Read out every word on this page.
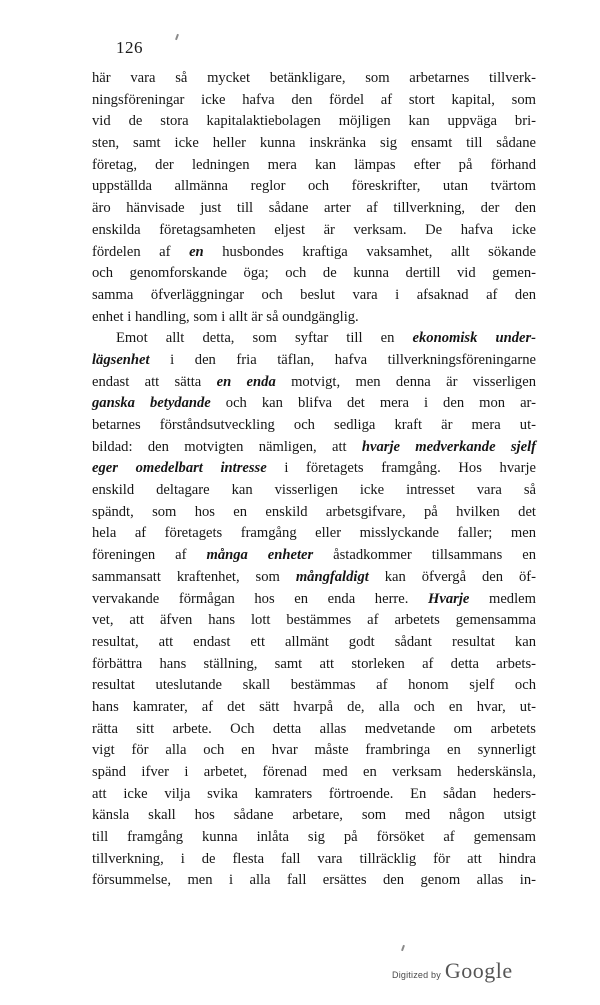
126
här vara så mycket betänkligare, som arbetarnes tillverk-
ningsföreningar icke hafva den fördel af stort kapital, som
vid de stora kapitalaktiebolagen möjligen kan uppväga bri-
sten, samt icke heller kunna inskränka sig ensamt till sådane
företag, der ledningen mera kan lämpas efter på förhand
uppställda allmänna reglor och föreskrifter, utan tvärtom
äro hänvisade just till sådane arter af tillverkning, der den
enskilda företagsamheten eljest är verksam. De hafva icke
fördelen af en husbondes kraftiga vaksamhet, allt sökande
och genomforskande öga; och de kunna dertill vid gemen-
samma öfverläggningar och beslut vara i afsaknad af den
enhet i handling, som i allt är så oundgänglig.
Emot allt detta, som syftar till en ekonomisk under-
lägsenhet i den fria täflan, hafva tillverkningsföreningarne
endast att sätta en enda motvigt, men denna är visserligen
ganska betydande och kan blifva det mera i den mon ar-
betarnes förståndsutveckling och sedliga kraft är mera ut-
bildad: den motvigten nämligen, att hvarje medverkande sjelf
eger omedelbart intresse i företagets framgång. Hos hvarje
enskild deltagare kan visserligen icke intresset vara så
spändt, som hos en enskild arbetsgifvare, på hvilken det
hela af företagets framgång eller misslyckande faller; men
föreningen af många enheter åstadkommer tillsammans en
sammansatt kraftenhet, som mångfaldigt kan öfvergå den öf-
vervakande förmågan hos en enda herre. Hvarje medlem
vet, att äfven hans lott bestämmes af arbetets gemensamma
resultat, att endast ett allmänt godt sådant resultat kan
förbättra hans ställning, samt att storleken af detta arbets-
resultat uteslutande skall bestämmas af honom sjelf och
hans kamrater, af det sätt hvarpå de, alla och en hvar, ut-
rätta sitt arbete. Och detta allas medvetande om arbetets
vigt för alla och en hvar måste frambringa en synnerligt
spänd ifver i arbetet, förenad med en verksam hederskänsla,
att icke vilja svika kamraters förtroende. En sådan heders-
känsla skall hos sådane arbetare, som med någon utsigt
till framgång kunna inlåta sig på försöket af gemensam
tillverkning, i de flesta fall vara tillräcklig för att hindra
försummelse, men i alla fall ersättes den genom allas in-
Digitized by Google
